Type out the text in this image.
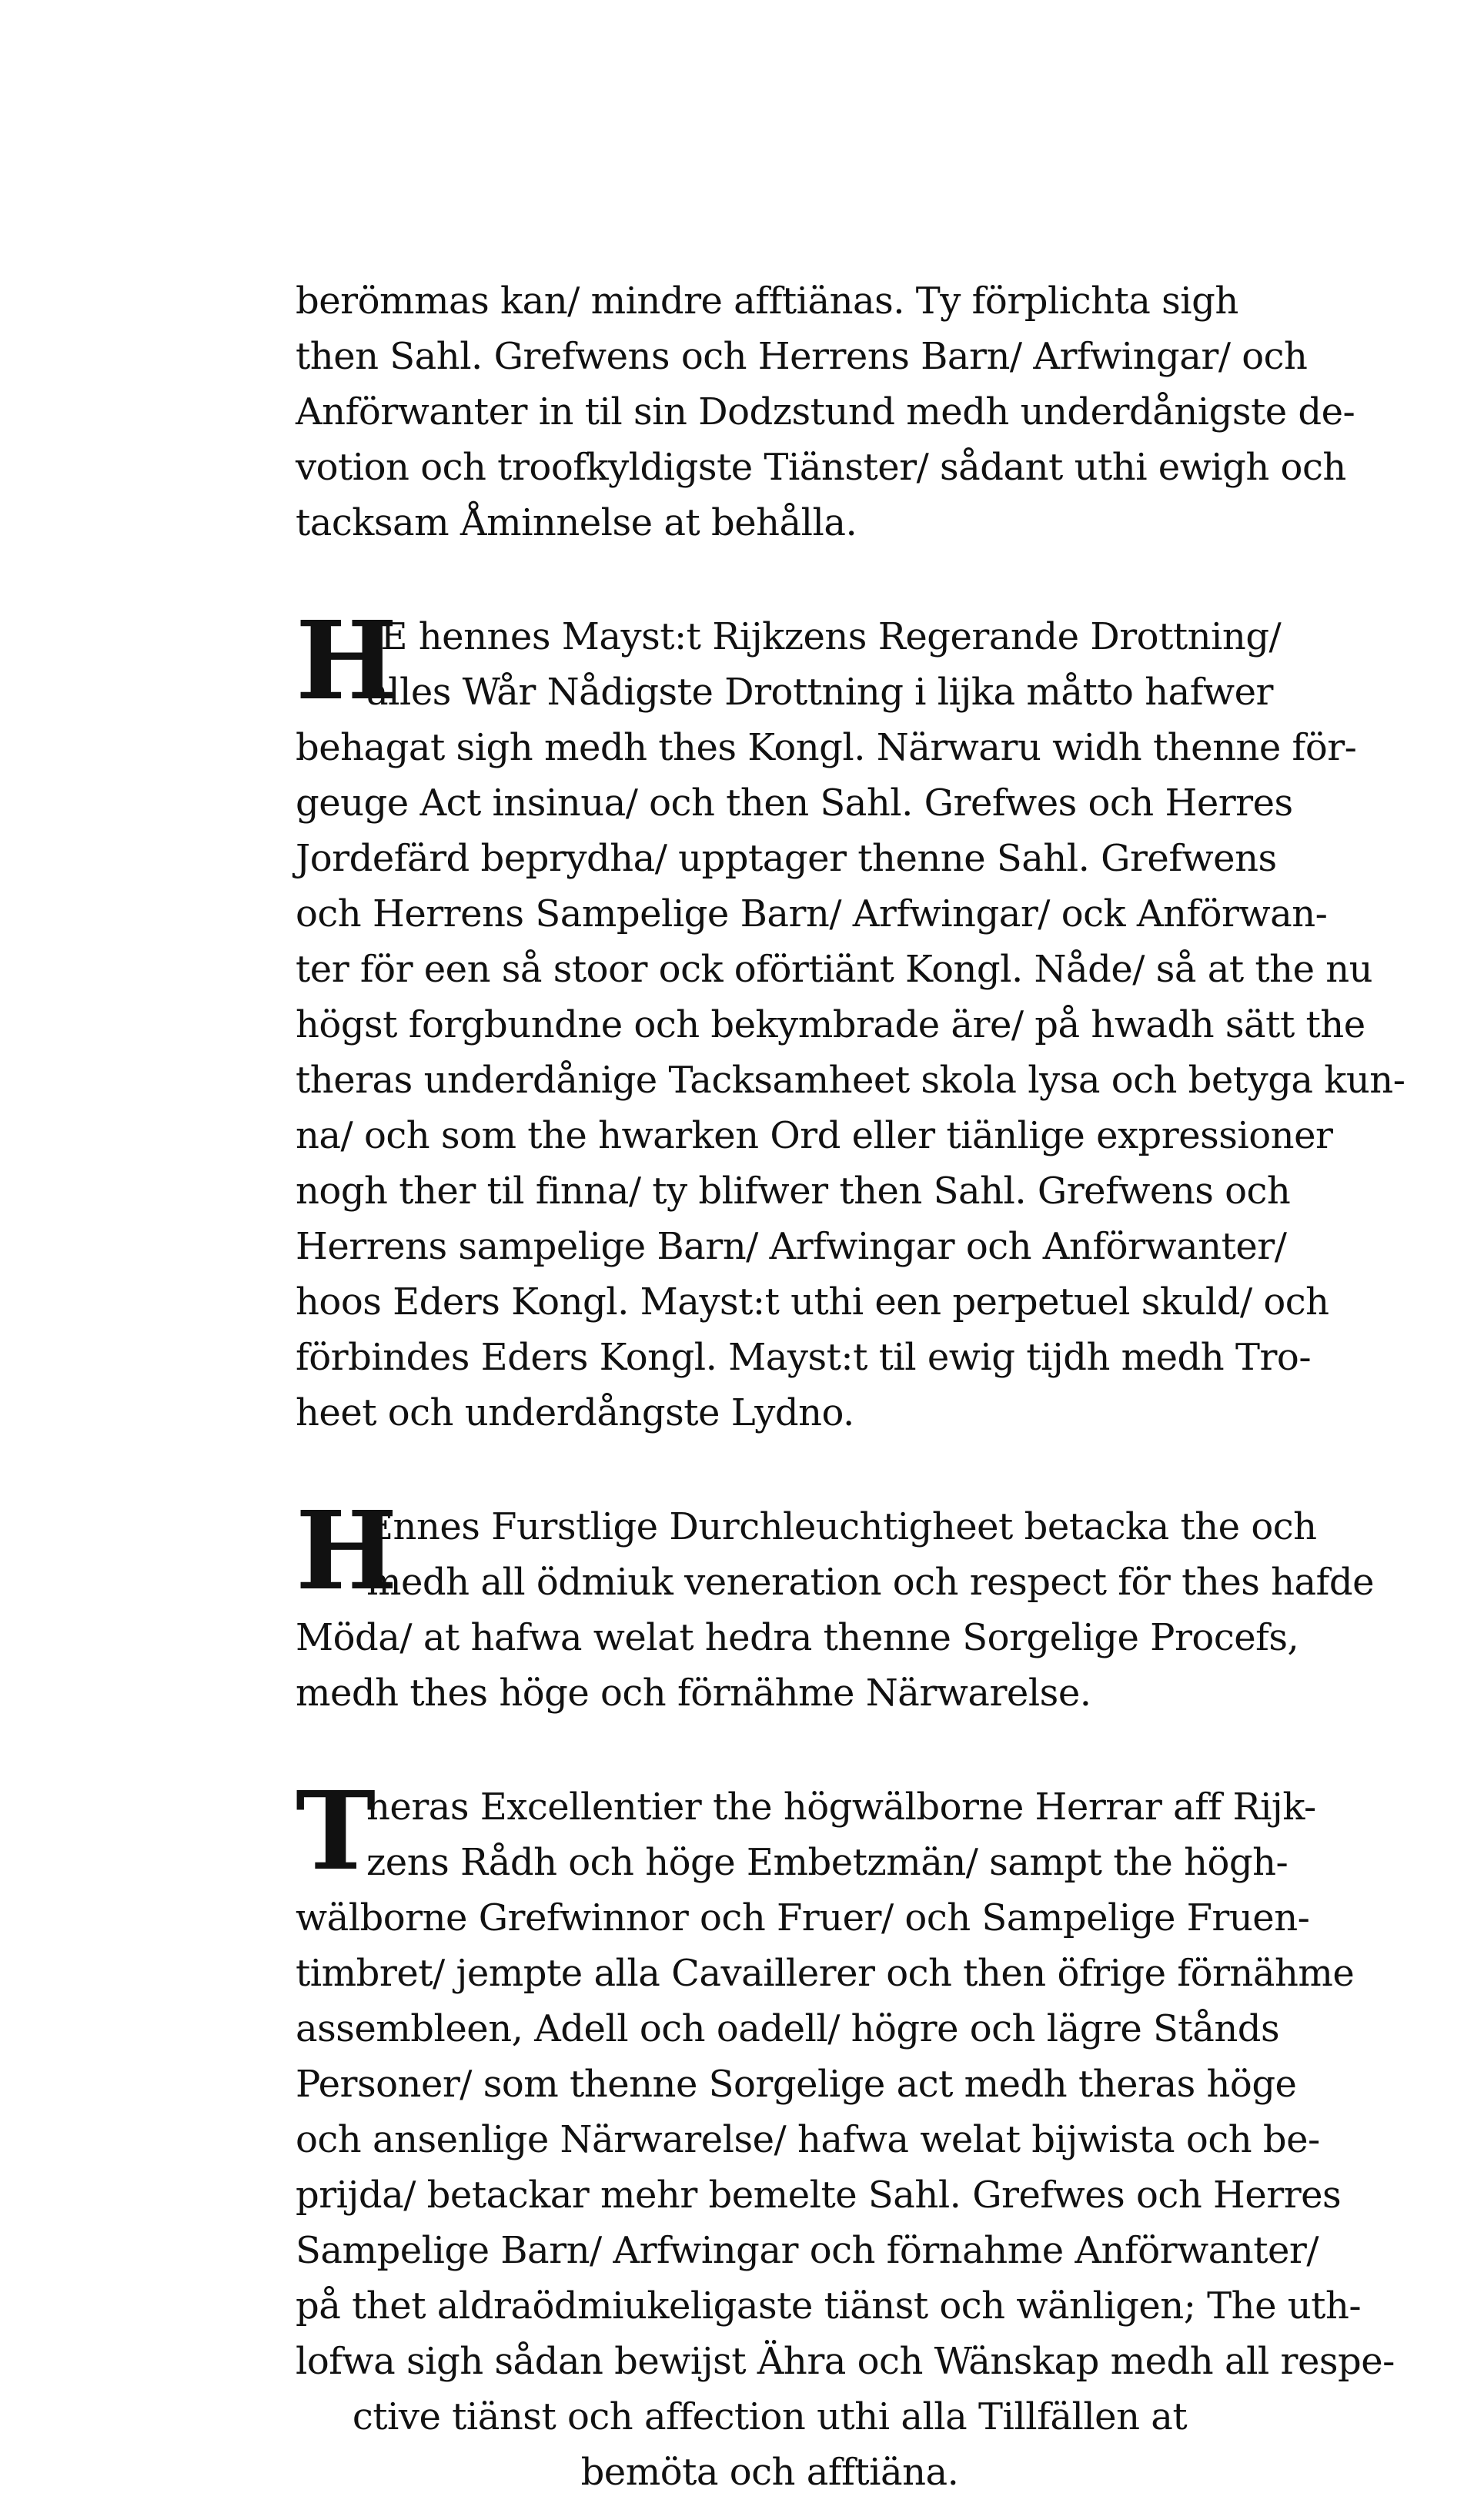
berömmas kan/ mindre afftiänas. Ty förplichta sigh
then Sahl. Grefwens och Herrens Barn/ Arfwingar/ och
Anförwanter in til sin Dodzstund medh underdånigste de-
votion och troofkyldigste Tiänster/ sådant uthi ewigh och
tacksam Åminnelse at behålla.
H
IE hennes Mayst:t Rijkzens Regerande Drottning/
alles Wår Nådigste Drottning i lijka måtto hafwer
behagat sigh medh thes Kongl. Närwaru widh thenne för-
geuge Act insinua/ och then Sahl. Grefwes och Herres
Jordefärd beprydha/ upptager thenne Sahl. Grefwens
och Herrens Sampelige Barn/ Arfwingar/ ock Anförwan-
ter för een så stoor ock oförtiänt Kongl. Nåde/ så at the nu
högst forgbundne och bekymbrade äre/ på hwadh sätt the
theras underdånige Tacksamheet skola lysa och betyga kun-
na/ och som the hwarken Ord eller tiänlige expressioner
nogh ther til finna/ ty blifwer then Sahl. Grefwens och
Herrens sampelige Barn/ Arfwingar och Anförwanter/
hoos Eders Kongl. Mayst:t uthi een perpetuel skuld/ och
förbindes Eders Kongl. Mayst:t til ewig tijdh medh Tro-
heet och underdångste Lydno.
H
Ennes Furstlige Durchleuchtigheet betacka the och
medh all ödmiuk veneration och respect för thes hafde
Möda/ at hafwa welat hedra thenne Sorgelige Procefs,
medh thes höge och förnähme Närwarelse.
T
heras Excellentier the högwälborne Herrar aff Rijk-
zens Rådh och höge Embetzmän/ sampt the högh-
wälborne Grefwinnor och Fruer/ och Sampelige Fruen-
timbret/ jempte alla Cavaillerer och then öfrige förnähme
assembleen, Adell och oadell/ högre och lägre Stånds
Personer/ som thenne Sorgelige act medh theras höge
och ansenlige Närwarelse/ hafwa welat bijwista och be-
prijda/ betackar mehr bemelte Sahl. Grefwes och Herres
Sampelige Barn/ Arfwingar och förnahme Anförwanter/
på thet aldraödmiukeligaste tiänst och wänligen; The uth-
lofwa sigh sådan bewijst Ähra och Wänskap medh all respe-
ctive tiänst och affection uthi alla Tillfällen at
bemöta och afftiäna.
